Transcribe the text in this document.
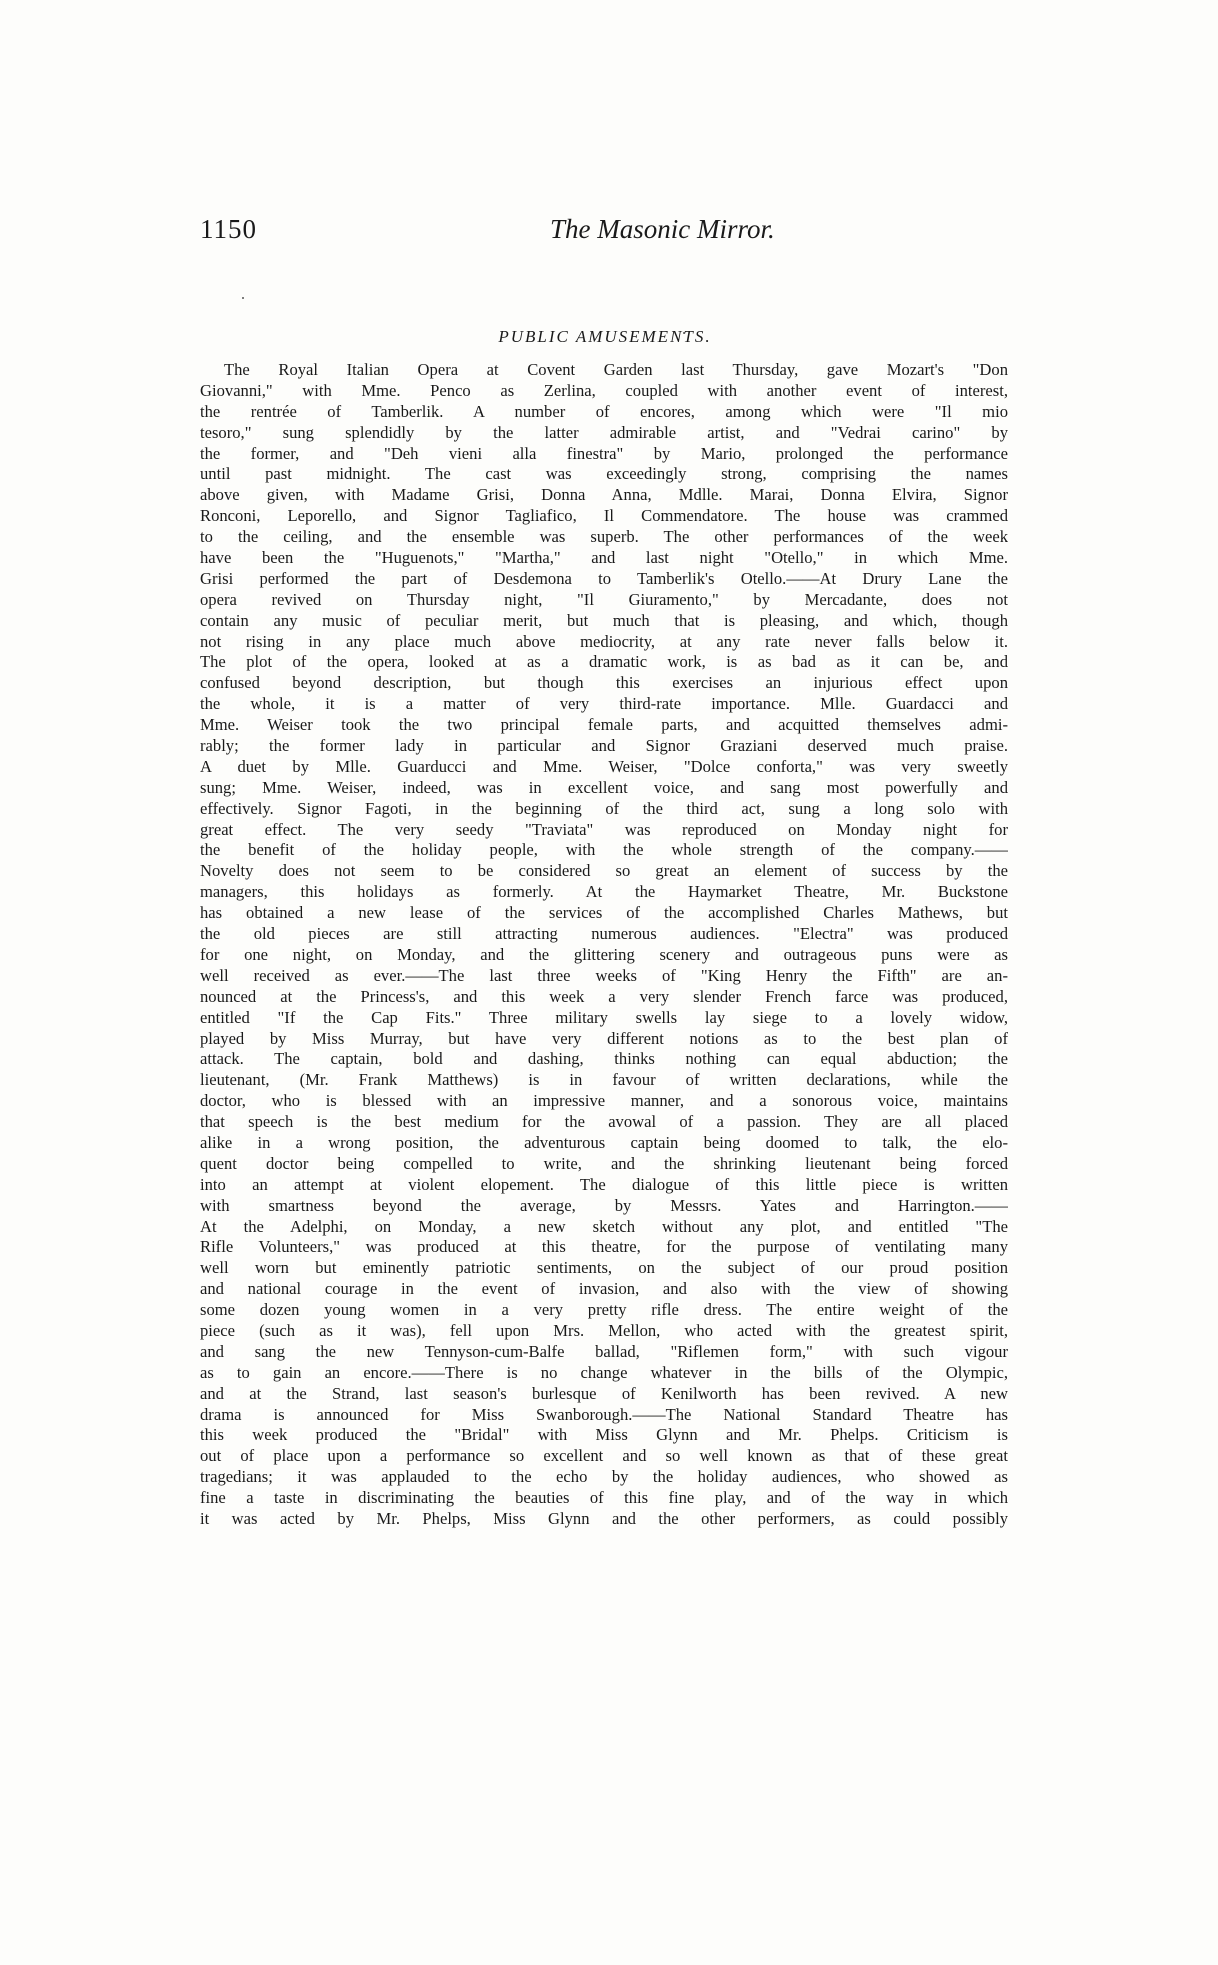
1150	The Masonic Mirror.
PUBLIC AMUSEMENTS.
The Royal Italian Opera at Covent Garden last Thursday, gave Mozart's "Don
Giovanni," with Mme. Penco as Zerlina, coupled with another event of interest,
the rentrée of Tamberlik. A number of encores, among which were "Il mio
tesoro," sung splendidly by the latter admirable artist, and "Vedrai carino" by
the former, and "Deh vieni alla finestra" by Mario, prolonged the performance
until past midnight. The cast was exceedingly strong, comprising the names
above given, with Madame Grisi, Donna Anna, Mdlle. Marai, Donna Elvira, Signor
Ronconi, Leporello, and Signor Tagliafico, Il Commendatore. The house was crammed
to the ceiling, and the ensemble was superb. The other performances of the week
have been the "Huguenots," "Martha," and last night "Otello," in which Mme.
Grisi performed the part of Desdemona to Tamberlik's Otello.——At Drury Lane the
opera revived on Thursday night, "Il Giuramento," by Mercadante, does not
contain any music of peculiar merit, but much that is pleasing, and which, though
not rising in any place much above mediocrity, at any rate never falls below it.
The plot of the opera, looked at as a dramatic work, is as bad as it can be, and
confused beyond description, but though this exercises an injurious effect upon
the whole, it is a matter of very third-rate importance. Mlle. Guardacci and
Mme. Weiser took the two principal female parts, and acquitted themselves admi-
rably; the former lady in particular and Signor Graziani deserved much praise.
A duet by Mlle. Guarducci and Mme. Weiser, "Dolce conforta," was very sweetly
sung; Mme. Weiser, indeed, was in excellent voice, and sang most powerfully and
effectively. Signor Fagoti, in the beginning of the third act, sung a long solo with
great effect. The very seedy "Traviata" was reproduced on Monday night for
the benefit of the holiday people, with the whole strength of the company.——
Novelty does not seem to be considered so great an element of success by the
managers, this holidays as formerly. At the Haymarket Theatre, Mr. Buckstone
has obtained a new lease of the services of the accomplished Charles Mathews, but
the old pieces are still attracting numerous audiences. "Electra" was produced
for one night, on Monday, and the glittering scenery and outrageous puns were as
well received as ever.——The last three weeks of "King Henry the Fifth" are an-
nounced at the Princess's, and this week a very slender French farce was produced,
entitled "If the Cap Fits." Three military swells lay siege to a lovely widow,
played by Miss Murray, but have very different notions as to the best plan of
attack. The captain, bold and dashing, thinks nothing can equal abduction; the
lieutenant, (Mr. Frank Matthews) is in favour of written declarations, while the
doctor, who is blessed with an impressive manner, and a sonorous voice, maintains
that speech is the best medium for the avowal of a passion. They are all placed
alike in a wrong position, the adventurous captain being doomed to talk, the elo-
quent doctor being compelled to write, and the shrinking lieutenant being forced
into an attempt at violent elopement. The dialogue of this little piece is written
with smartness beyond the average, by Messrs. Yates and Harrington.——
At the Adelphi, on Monday, a new sketch without any plot, and entitled "The
Rifle Volunteers," was produced at this theatre, for the purpose of ventilating many
well worn but eminently patriotic sentiments, on the subject of our proud position
and national courage in the event of invasion, and also with the view of showing
some dozen young women in a very pretty rifle dress. The entire weight of the
piece (such as it was), fell upon Mrs. Mellon, who acted with the greatest spirit,
and sang the new Tennyson-cum-Balfe ballad, "Riflemen form," with such vigour
as to gain an encore.——There is no change whatever in the bills of the Olympic,
and at the Strand, last season's burlesque of Kenilworth has been revived. A new
drama is announced for Miss Swanborough.——The National Standard Theatre has
this week produced the "Bridal" with Miss Glynn and Mr. Phelps. Criticism is
out of place upon a performance so excellent and so well known as that of these great
tragedians; it was applauded to the echo by the holiday audiences, who showed as
fine a taste in discriminating the beauties of this fine play, and of the way in which
it was acted by Mr. Phelps, Miss Glynn and the other performers, as could possibly
